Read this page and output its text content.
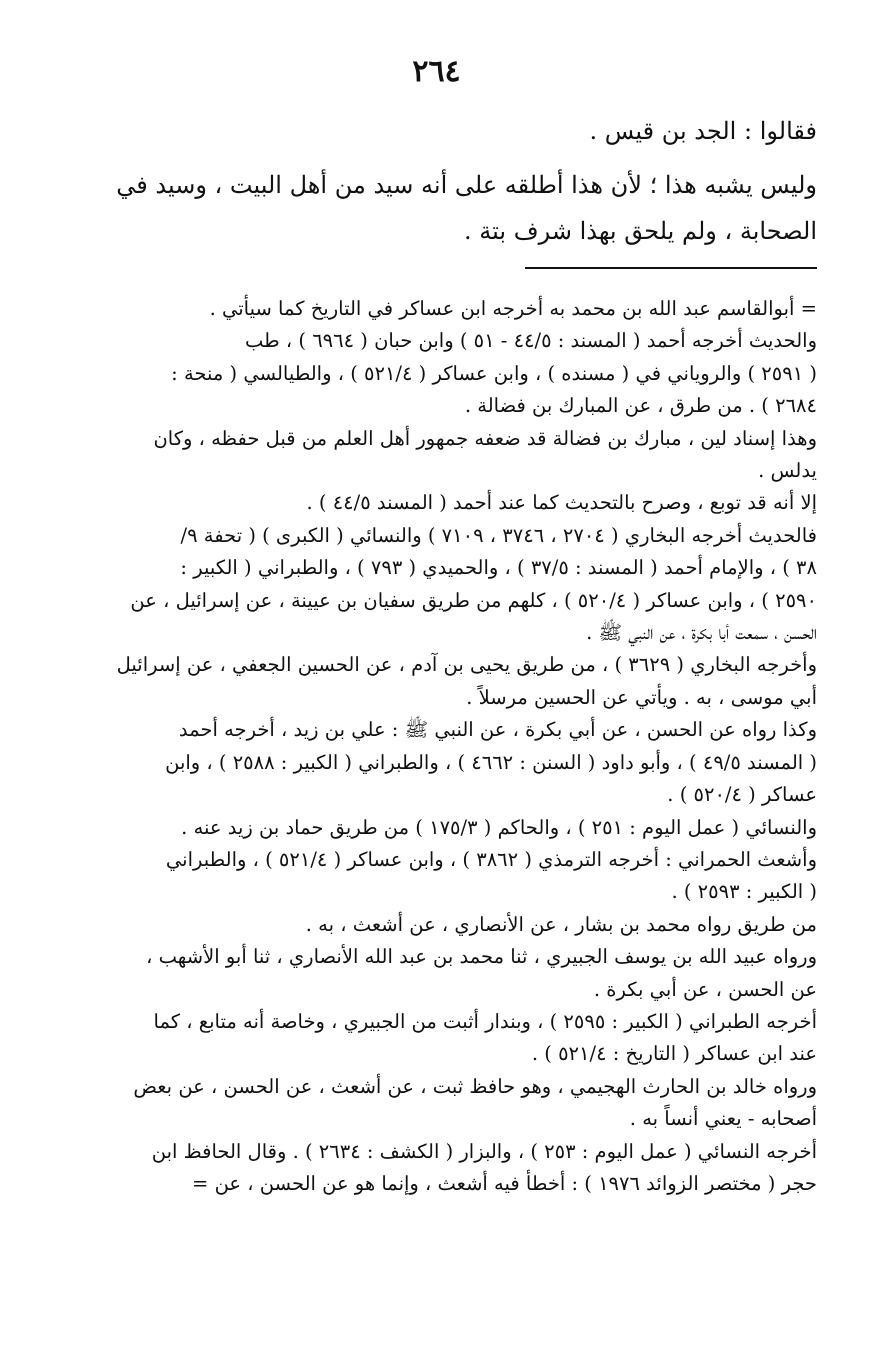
٢٦٤

فقالوا : الجد بن قيس .

وليس يشبه هذا ؛ لأن هذا أطلقه على أنه سيد من أهل البيت ، وسيد في

الصحابة ، ولم يلحق بهذا شرف بتة .

= أبوالقاسم عبد الله بن محمد به أخرجه ابن عساكر في التاريخ كما سيأتي .
والحديث أخرجه أحمد ( المسند : ٤٤/٥ - ٥١ ) وابن حبان ( ٦٩٦٤ ) ، طب
( ٢٥٩١ ) والروياني في ( مسنده ) ، وابن عساكر ( ٥٢١/٤ ) ، والطيالسي ( منحة :
٢٦٨٤ ) . من طرق ، عن المبارك بن فضالة .
وهذا إسناد لين ، مبارك بن فضالة قد ضعفه جمهور أهل العلم من قبل حفظه ، وكان
يدلس .
إلا أنه قد توبع ، وصرح بالتحديث كما عند أحمد ( المسند ٤٤/٥ ) .
فالحديث أخرجه البخاري ( ٢٧٠٤ ، ٣٧٤٦ ، ٧١٠٩ ) والنسائي ( الكبرى ) ( تحفة ٩/
٣٨ ) ، والإمام أحمد ( المسند : ٣٧/٥ ) ، والحميدي ( ٧٩٣ ) ، والطبراني ( الكبير :
٢٥٩٠ ) ، وابن عساكر ( ٥٢٠/٤ ) ، كلهم من طريق سفيان بن عيينة ، عن إسرائيل ، عن
الحسن ، سمعت أبا بكرة ، عن النبي ﷺ .
وأخرجه البخاري ( ٣٦٢٩ ) ، من طريق يحيى بن آدم ، عن الحسين الجعفي ، عن إسرائيل
أبي موسى ، به . ويأتي عن الحسين مرسلاً .
وكذا رواه عن الحسن ، عن أبي بكرة ، عن النبي ﷺ : علي بن زيد ، أخرجه أحمد
( المسند ٤٩/٥ ) ، وأبو داود ( السنن : ٤٦٦٢ ) ، والطبراني ( الكبير : ٢٥٨٨ ) ، وابن
عساكر ( ٥٢٠/٤ ) .
والنسائي ( عمل اليوم : ٢٥١ ) ، والحاكم ( ١٧٥/٣ ) من طريق حماد بن زيد عنه .
وأشعث الحمراني : أخرجه الترمذي ( ٣٨٦٢ ) ، وابن عساكر ( ٥٢١/٤ ) ، والطبراني
( الكبير : ٢٥٩٣ ) .
من طريق رواه محمد بن بشار ، عن الأنصاري ، عن أشعث ، به .
ورواه عبيد الله بن يوسف الجبيري ، ثنا محمد بن عبد الله الأنصاري ، ثنا أبو الأشهب ،
عن الحسن ، عن أبي بكرة .
أخرجه الطبراني ( الكبير : ٢٥٩٥ ) ، وبندار أثبت من الجبيري ، وخاصة أنه متابع ، كما
عند ابن عساكر ( التاريخ : ٥٢١/٤ ) .
ورواه خالد بن الحارث الهجيمي ، وهو حافظ ثبت ، عن أشعث ، عن الحسن ، عن بعض
أصحابه - يعني أنساً به .
أخرجه النسائي ( عمل اليوم : ٢٥٣ ) ، والبزار ( الكشف : ٢٦٣٤ ) . وقال الحافظ ابن
حجر ( مختصر الزوائد ١٩٧٦ ) : أخطأ فيه أشعث ، وإنما هو عن الحسن ، عن =
